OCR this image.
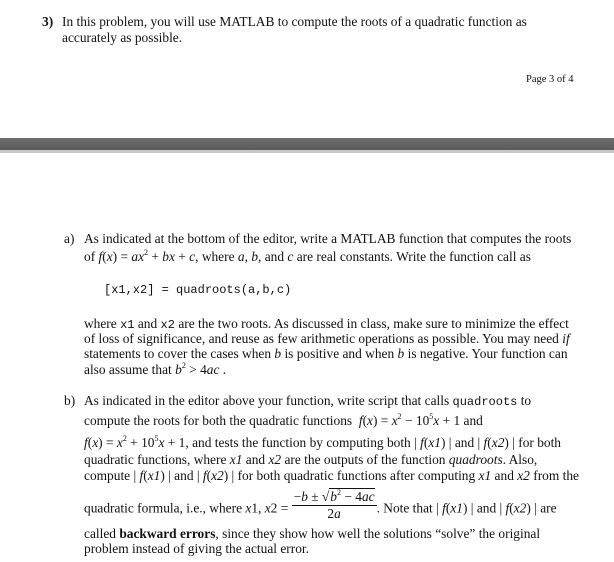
3) In this problem, you will use MATLAB to compute the roots of a quadratic function as
accurately as possible.
Page 3 of 4
a) As indicated at the bottom of the editor, write a MATLAB function that computes the roots
of $f(x) = ax^2$ + bx + c, where a, b, and c are real constants. Write the function call as
[x1,x2] = quadroots(a,b,c)
where x1 and x2 are the two roots. As discussed in class, make sure to minimize the effect
of loss of significance, and reuse as few arithmetic operations as possible. You may need if
statements to cover the cases when b is positive and when b is negative. Your function can
also assume that $b^2 > 4ac$ .
b) As indicated in the editor above your function, write script that calls quadroots to
compute the roots for both the quadratic functions $f(x) = x^2 - 10^5x + 1$ and
$f(x) = x^2 + 10^5x + 1$, and tests the function by computing both | f(x1) | and | f(x2) | for both
quadratic functions, where x1 and x2 are the outputs of the function quadroots. Also,
compute | f(x1) | and | f(x2) | for both quadratic functions after computing x1 and x2 from the
quadratic formula, i.e., where x1, $x2 = \frac{-b \pm √b^2 - 4ac}{2a}$ . Note that | f(x1) | and | f(x2) | are
called backward errors, since they show how well the solutions “solve” the original
problem instead of giving the actual error.
